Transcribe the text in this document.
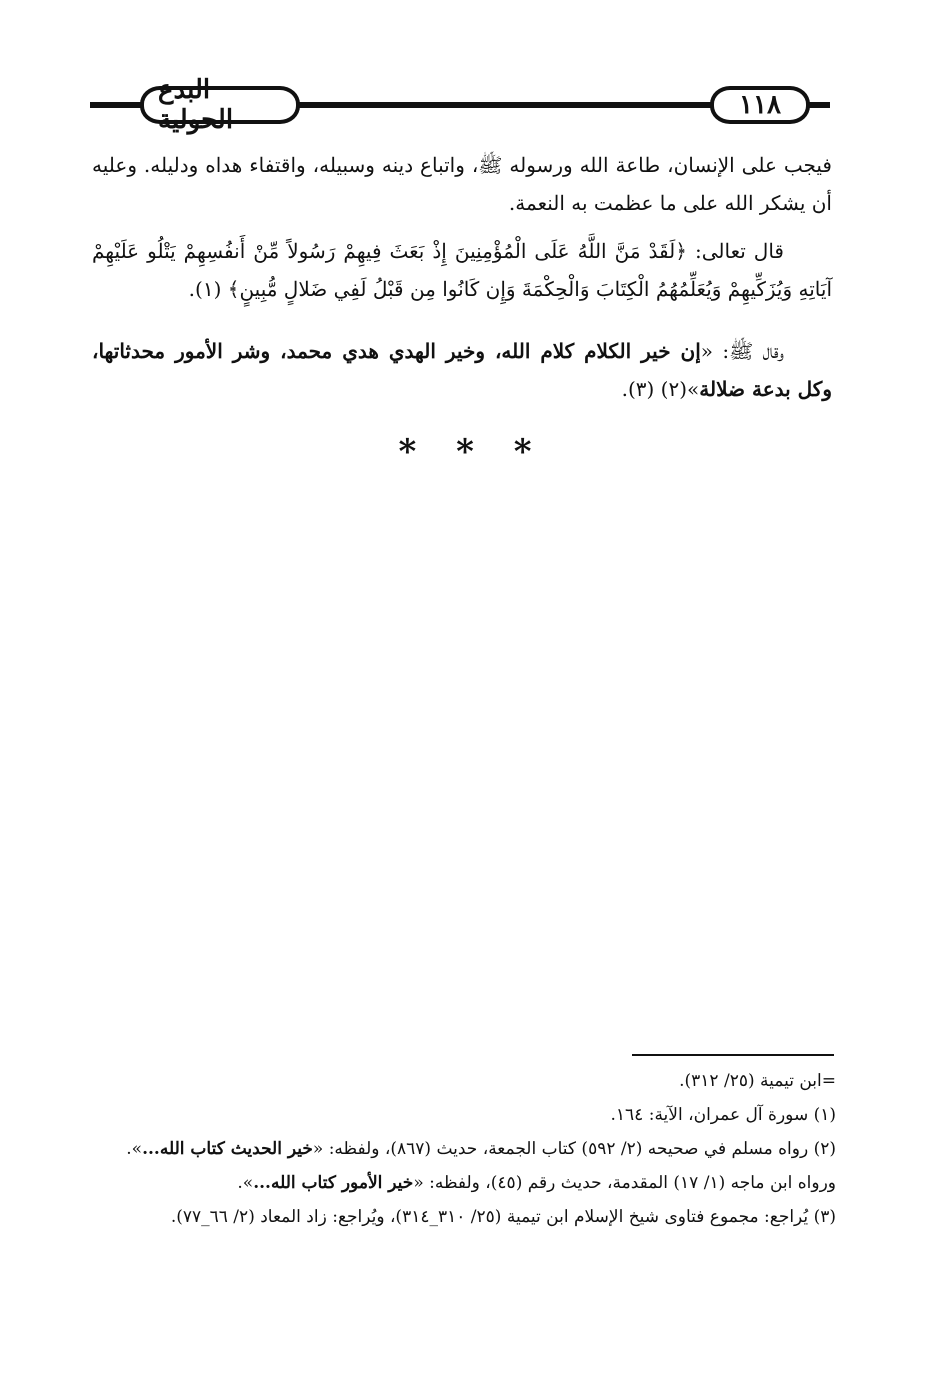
البدع الحولية	١١٨

فيجب على الإنسان، طاعة الله ورسوله ﷺ، واتباع دينه وسبيله، واقتفاء هداه ودليله. وعليه أن يشكر الله على ما عظمت به النعمة.

قال تعالى: ﴿لَقَدْ مَنَّ اللَّهُ عَلَى الْمُؤْمِنِينَ إِذْ بَعَثَ فِيهِمْ رَسُولاً مِّنْ أَنفُسِهِمْ يَتْلُو عَلَيْهِمْ آيَاتِهِ وَيُزَكِّيهِمْ وَيُعَلِّمُهُمُ الْكِتَابَ وَالْحِكْمَةَ وَإِن كَانُوا مِن قَبْلُ لَفِي ضَلالٍ مُّبِينٍ﴾ (١).

وقال ﷺ: «إن خير الكلام كلام الله، وخير الهدي هدي محمد، وشر الأمور محدثاتها، وكل بدعة ضلالة»(٢) (٣).

* * *

=ابن تيمية (٢٥/ ٣١٢).

(١) سورة آل عمران، الآية: ١٦٤.

(٢) رواه مسلم في صحيحه (٢/ ٥٩٢) كتاب الجمعة، حديث (٨٦٧)، ولفظه: «خير الحديث كتاب الله...». ورواه ابن ماجه (١/ ١٧) المقدمة، حديث رقم (٤٥)، ولفظه: «خير الأمور كتاب الله...».

(٣) يُراجع: مجموع فتاوى شيخ الإسلام ابن تيمية (٢٥/ ٣١٠_٣١٤)، ويُراجع: زاد المعاد (٢/ ٦٦_٧٧).
